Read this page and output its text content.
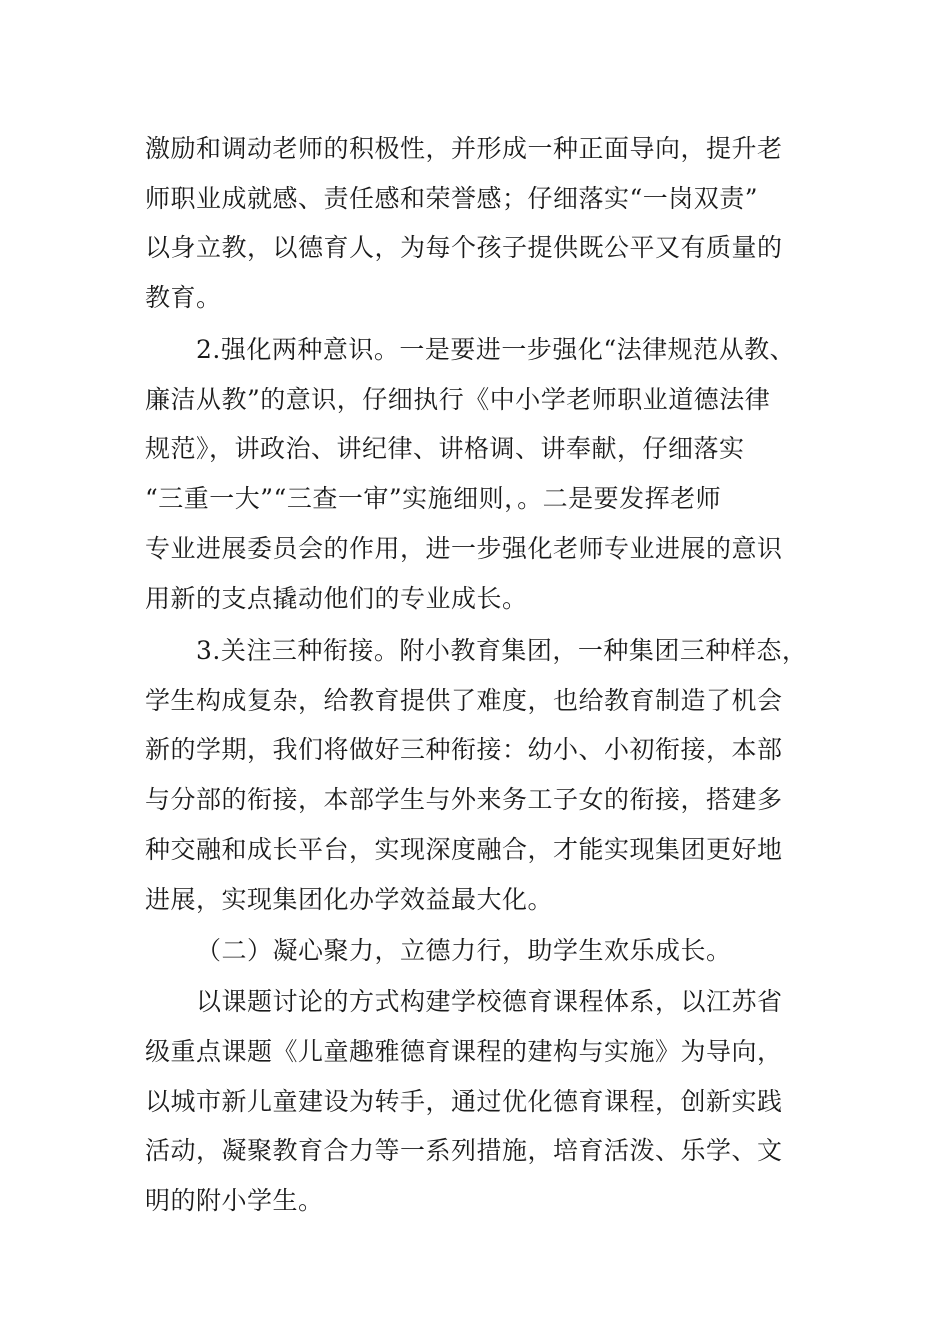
激励和调动老师的积极性，并形成一种正面导向，提升老
师职业成就感、责任感和荣誉感；仔细落实“一岗双责”
以身立教，以德育人，为每个孩子提供既公平又有质量的
教育。
2.强化两种意识。一是要进一步强化“法律规范从教、
廉洁从教”的意识，仔细执行《中小学老师职业道德法律
规范》，讲政治、讲纪律、讲格调、讲奉献，仔细落实
“三重一大”“三查一审”实施细则，。二是要发挥老师
专业进展委员会的作用，进一步强化老师专业进展的意识
用新的支点撬动他们的专业成长。
3.关注三种衔接。附小教育集团，一种集团三种样态，
学生构成复杂，给教育提供了难度，也给教育制造了机会
新的学期，我们将做好三种衔接：幼小、小初衔接，本部
与分部的衔接，本部学生与外来务工子女的衔接，搭建多
种交融和成长平台，实现深度融合，才能实现集团更好地
进展，实现集团化办学效益最大化。
（二）凝心聚力，立德力行，助学生欢乐成长。
以课题讨论的方式构建学校德育课程体系，以江苏省
级重点课题《儿童趣雅德育课程的建构与实施》为导向，
以城市新儿童建设为转手，通过优化德育课程，创新实践
活动，凝聚教育合力等一系列措施，培育活泼、乐学、文
明的附小学生。
